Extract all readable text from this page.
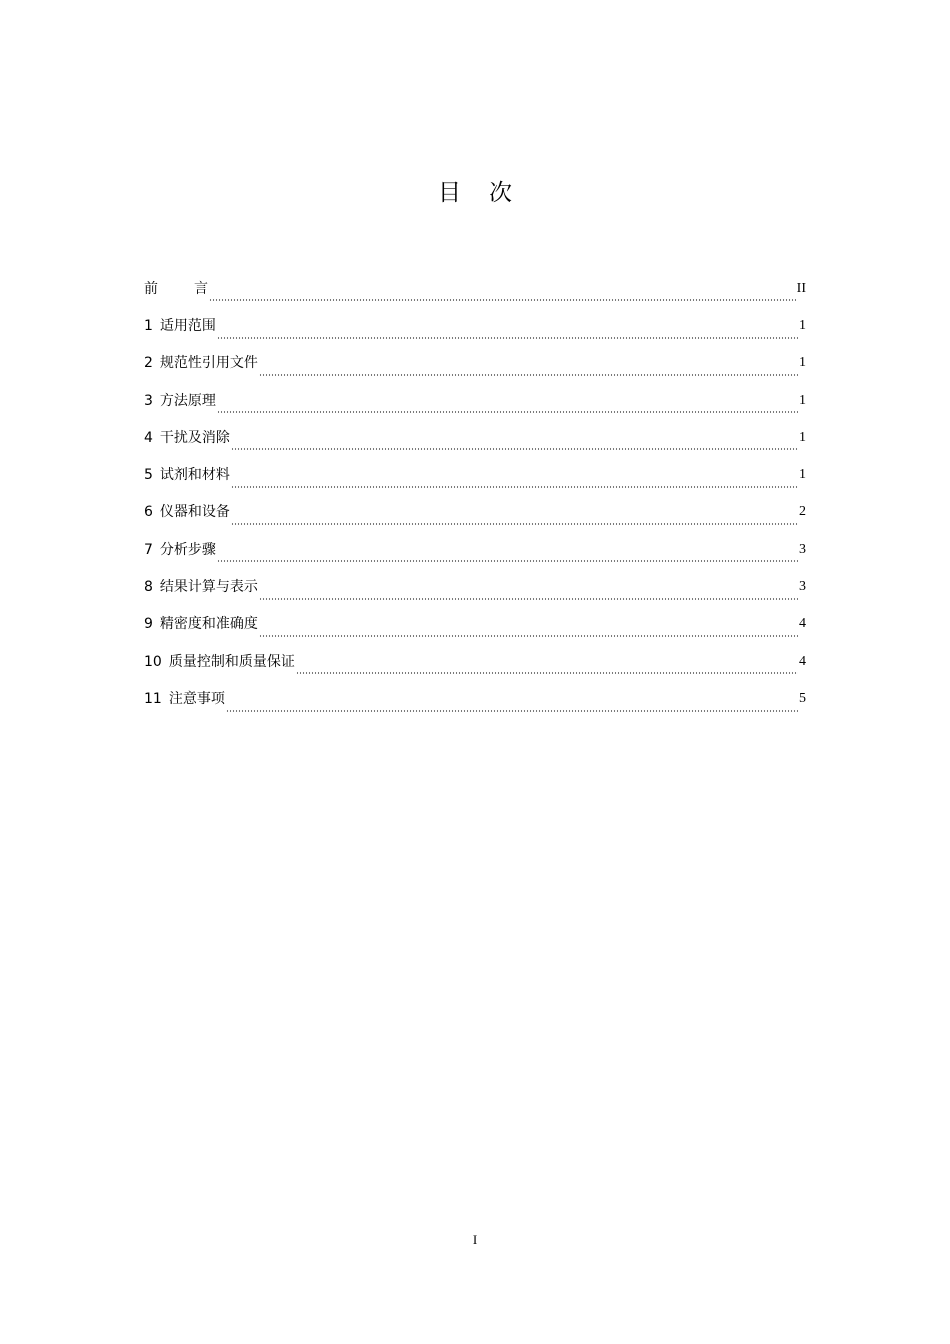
目 次
前	言	II
1 适用范围	1
2 规范性引用文件	1
3 方法原理	1
4 干扰及消除	1
5 试剂和材料	1
6 仪器和设备	2
7 分析步骤	3
8 结果计算与表示	3
9 精密度和准确度	4
10 质量控制和质量保证	4
11 注意事项	5
I
